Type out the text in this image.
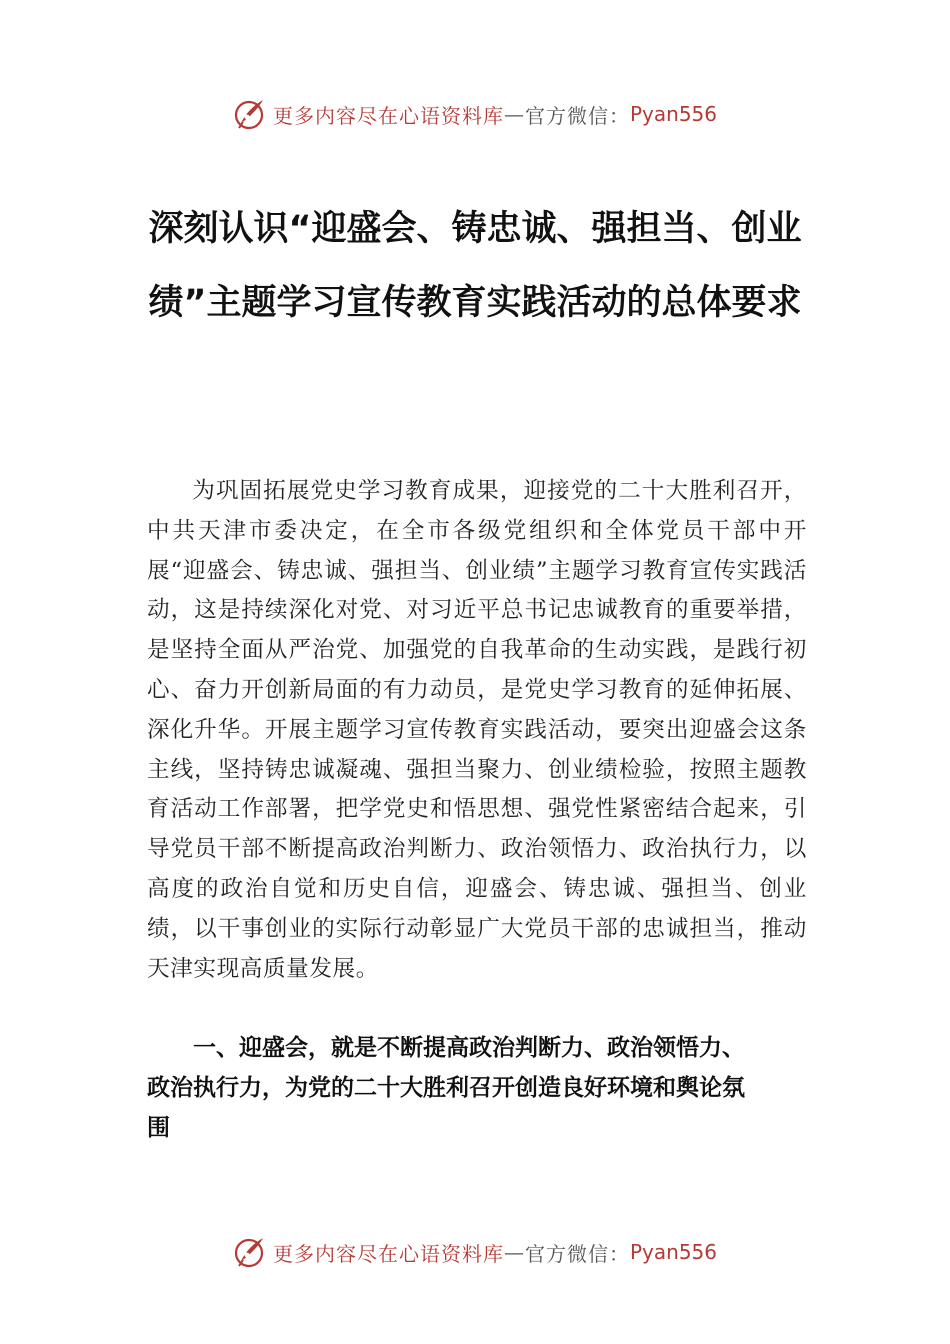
更多内容尽在心语资料库 — 官方微信： Pyan556
深刻认识“迎盛会、铸忠诚、强担当、创业绩”主题学习宣传教育实践活动的总体要求

为巩固拓展党史学习教育成果，迎接党的二十大胜利召开，中共天津市委决定，在全市各级党组织和全体党员干部中开展“迎盛会、铸忠诚、强担当、创业绩”主题学习教育宣传实践活动，这是持续深化对党、对习近平总书记忠诚教育的重要举措，是坚持全面从严治党、加强党的自我革命的生动实践，是践行初心、奋力开创新局面的有力动员，是党史学习教育的延伸拓展、深化升华。开展主题学习宣传教育实践活动，要突出迎盛会这条主线，坚持铸忠诚凝魂、强担当聚力、创业绩检验，按照主题教育活动工作部署，把学党史和悟思想、强党性紧密结合起来，引导党员干部不断提高政治判断力、政治领悟力、政治执行力，以高度的政治自觉和历史自信，迎盛会、铸忠诚、强担当、创业绩，以干事创业的实际行动彰显广大党员干部的忠诚担当，推动天津实现高质量发展。

一、迎盛会，就是不断提高政治判断力、政治领悟力、政治执行力，为党的二十大胜利召开创造良好环境和舆论氛围

更多内容尽在心语资料库 — 官方微信： Pyan556
